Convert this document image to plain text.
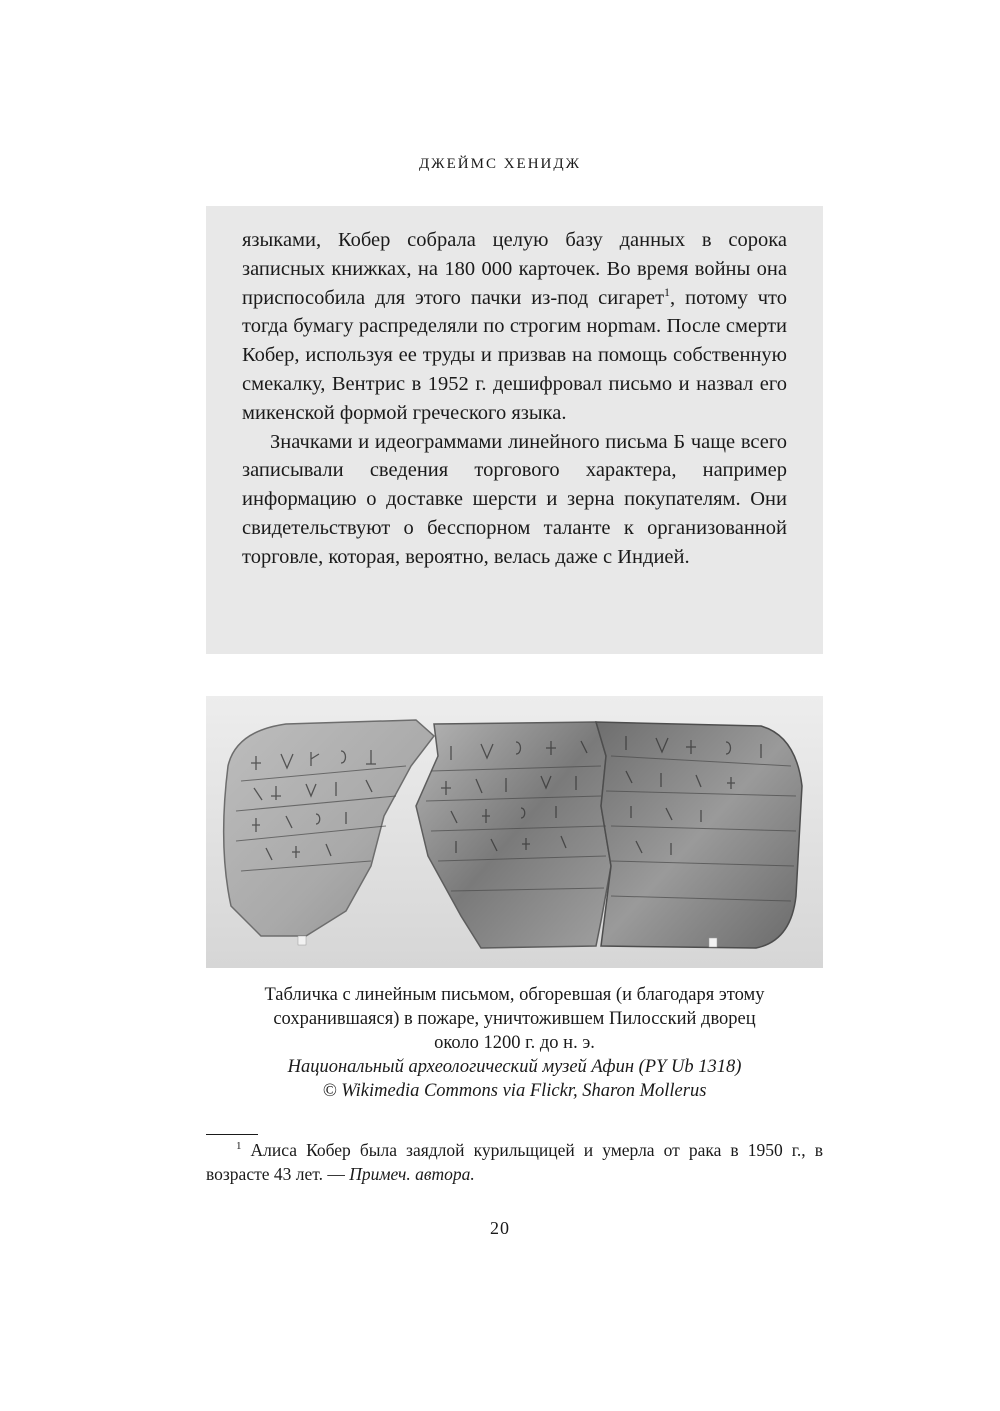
ДЖЕЙМС ХЕНИДЖ

языками, Кобер собрала целую базу данных в сорока записных книжках, на 180 000 карточек. Во время войны она приспособила для этого пачки из-под сигарет$^1$, потому что тогда бумагу распределяли по строгим норmам. После смерти Кобер, используя ее труды и призвав на помощь собственную смекалку, Вентрис в 1952 г. дешифровал письмо и назвал его микенской формой греческого языка.

Значками и идеограммами линейного письма Б чаще всего записывали сведения торгового характера, например информацию о доставке шерсти и зерна покупателям. Они свидетельствуют о бесспорном таланте к организованной торговле, которая, вероятно, велась даже с Индией.

Табличка с линейным письмом, обгоревшая (и благодаря этому
сохранившаяся) в пожаре, уничтожившем Пилосский дворец
около 1200 г. до н. э.
Национальный археологический музей Афин (PY Ub 1318)
© Wikimedia Commons via Flickr, Sharon Mollerus
$^1$ Алиса Кобер была заядлой курильщицей и умерла от рака в 1950 г., в возрасте 43 лет. — Примеч. автора.
20
